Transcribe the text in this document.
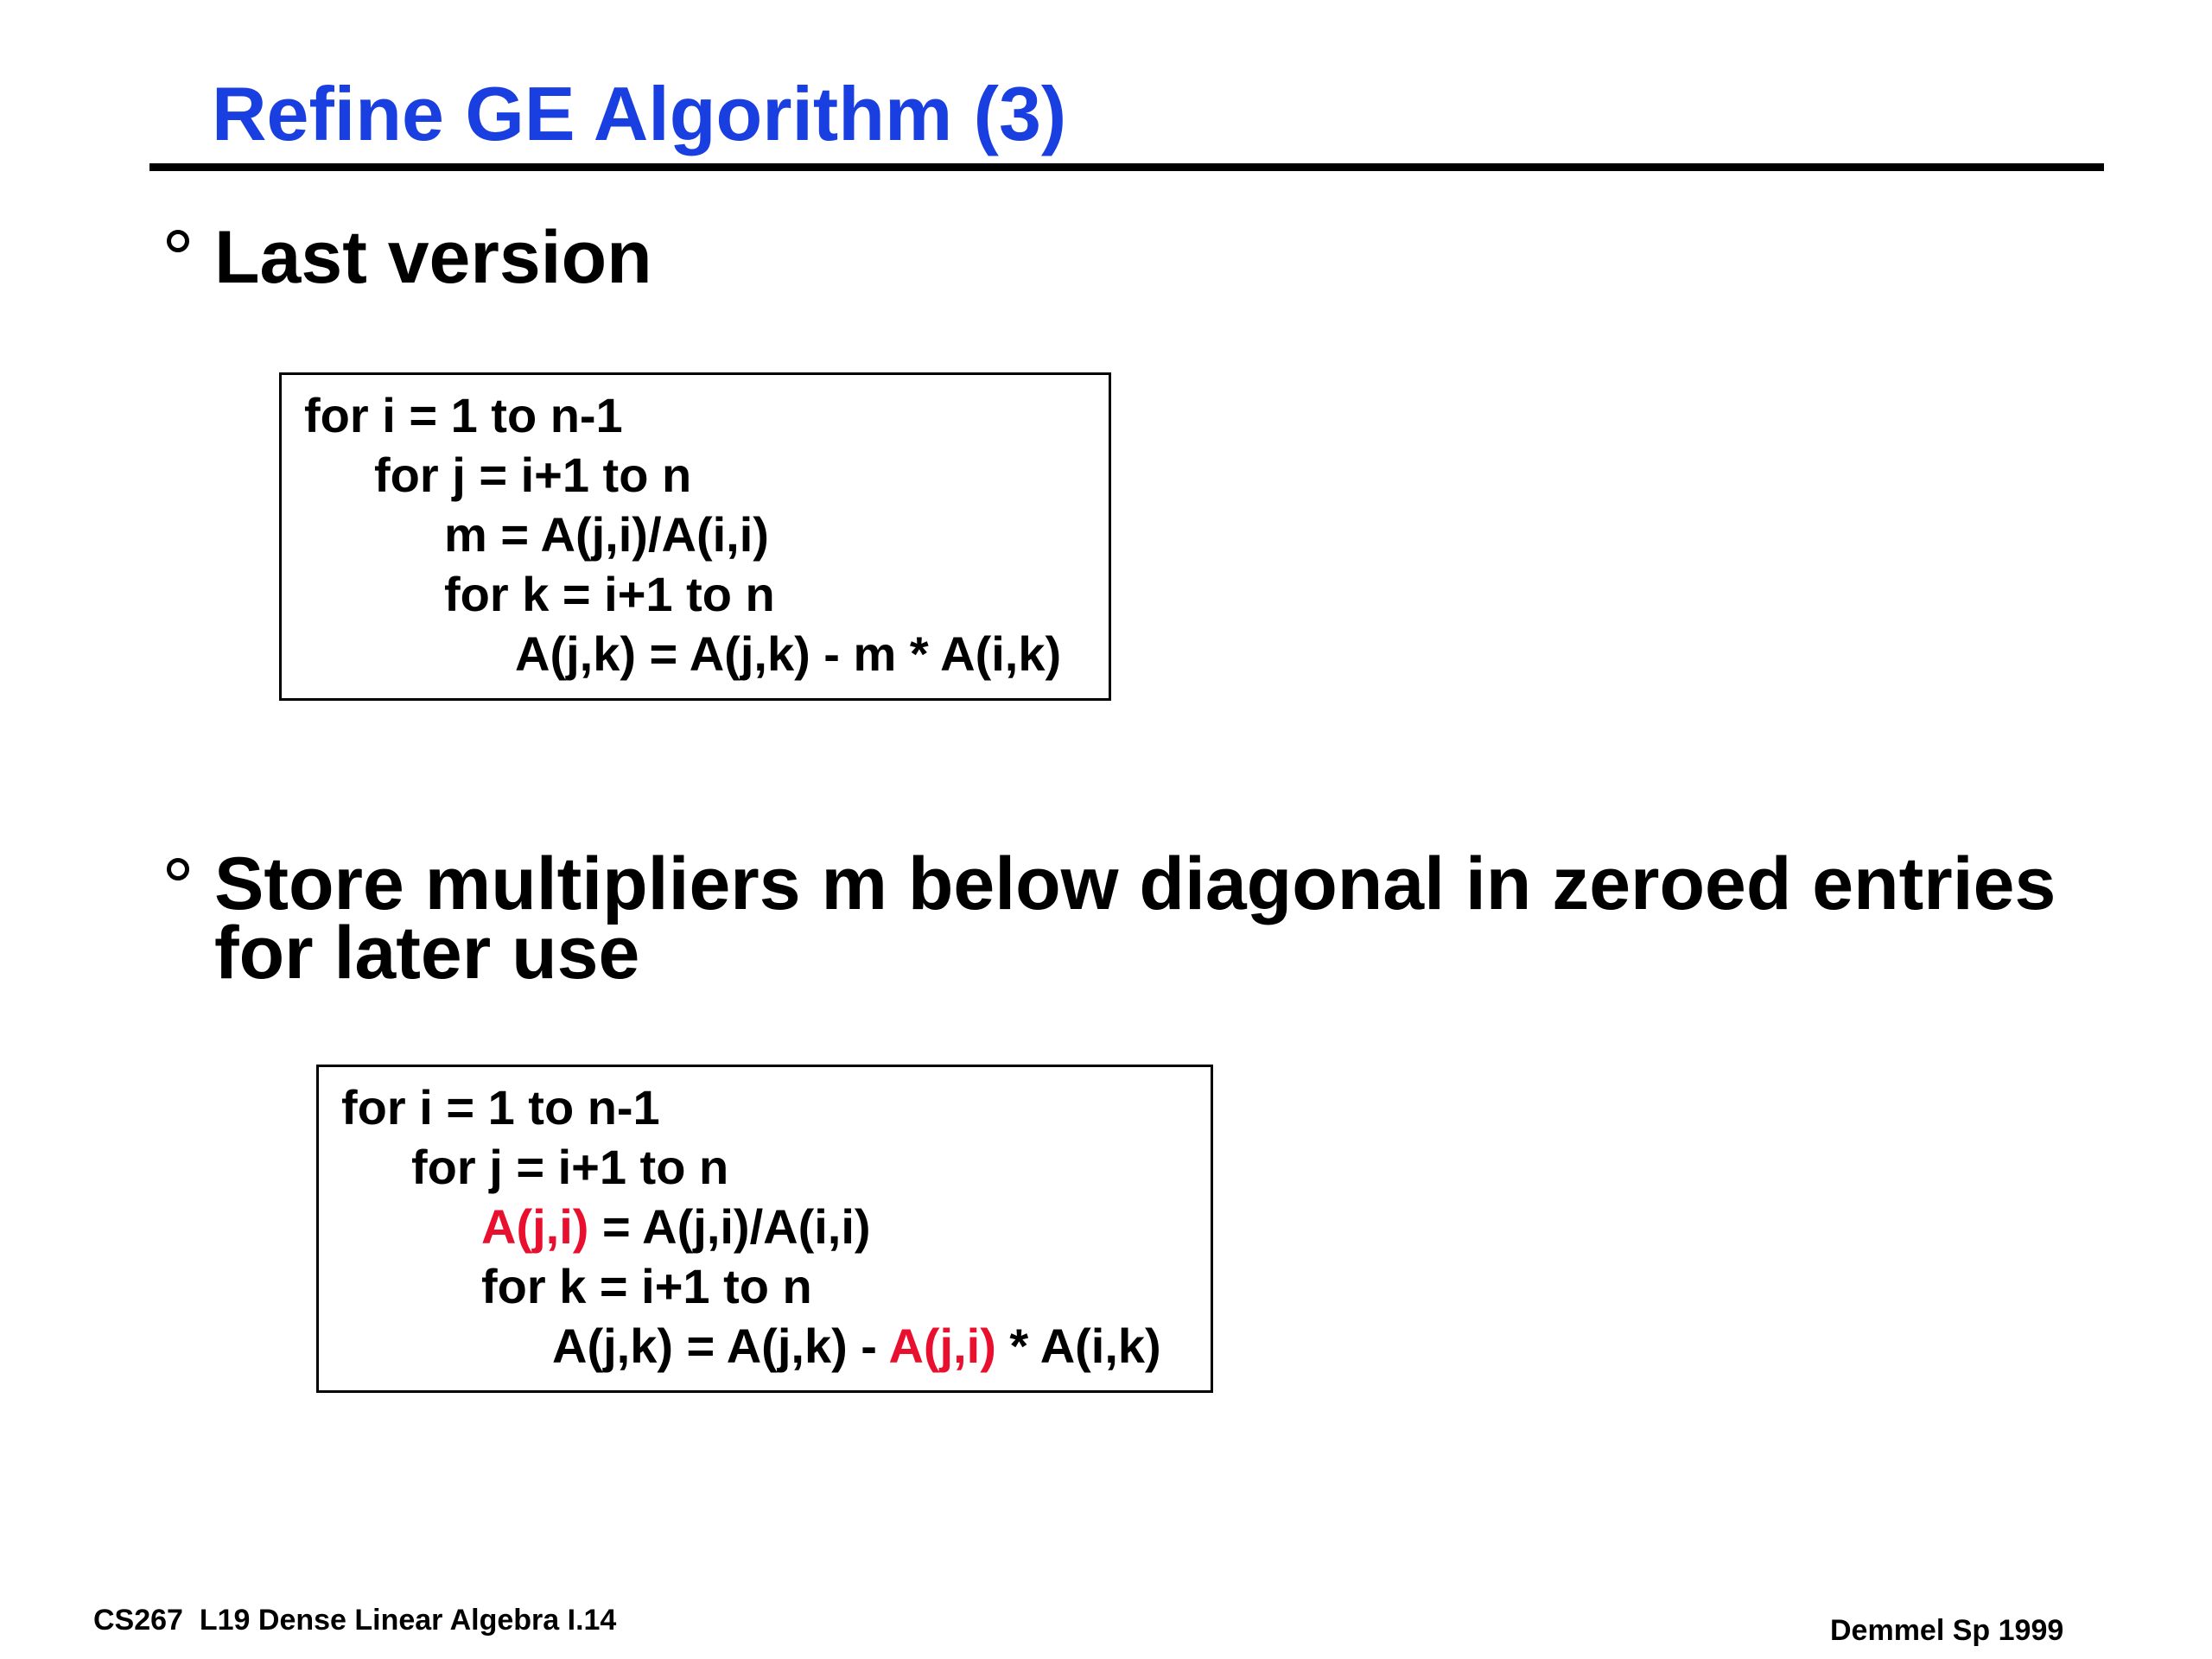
Refine GE Algorithm (3)

Last version

for i = 1 to n-1

for j = i+1 to n

m = A(j,i)/A(i,i)

for k = i+1 to n

A(j,k) = A(j,k) - m * A(i,k)

Store multipliers m below diagonal in zeroed entries

for later use

for i = 1 to n-1

for j = i+1 to n

A(j,i) = A(j,i)/A(i,i)

for k = i+1 to n

A(j,k) = A(j,k) - A(j,i) * A(i,k)

CS267  L19 Dense Linear Algebra I.14	Demmel Sp 1999
